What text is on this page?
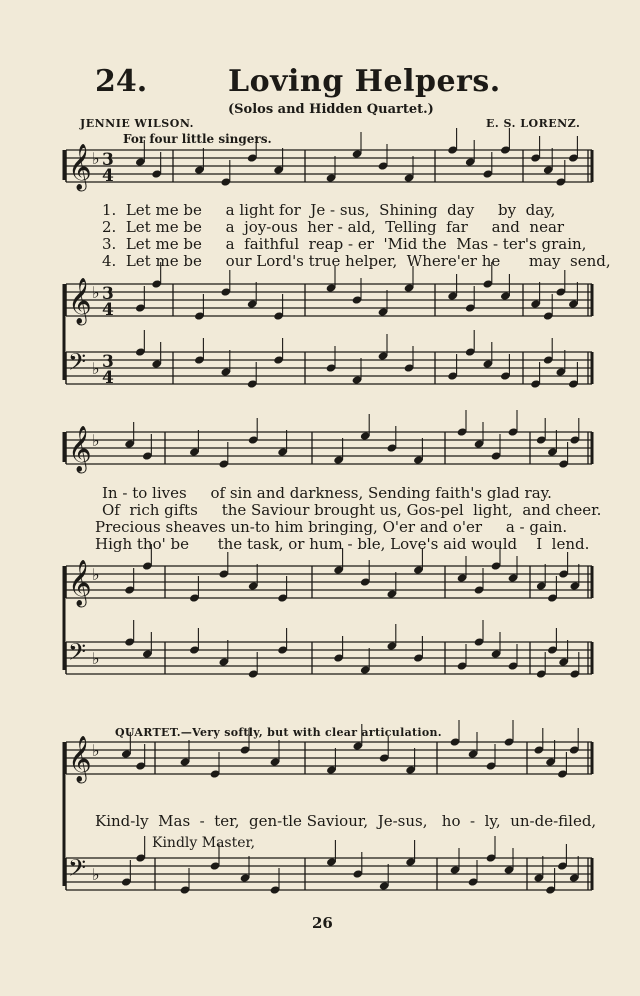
𝄞 ♭ 3
4
𝄞 ♭ 3
4
𝄢 ♭ 3
4
𝄞 ♭
𝄞 ♭
𝄢 ♭
𝄞 ♭
𝄢 ♭
24.	Loving Helpers.
(Solos and Hidden Quartet.)
JENNIE WILSON.	E. S. LORENZ.
For four little singers.
1.  Let me be     a light for  Je - sus,  Shining  day     by  day,
2.  Let me be     a  joy-ous  her - ald,  Telling  far     and  near
3.  Let me be     a  faithful  reap - er  'Mid the  Mas - ter's grain,
4.  Let me be     our Lord's true helper,  Where'er he      may  send,
In - to lives     of sin and darkness, Sending faith's glad ray.
Of  rich gifts     the Saviour brought us, Gos-pel  light,  and cheer.
Precious sheaves un-to him bringing, O'er and o'er     a - gain.
High tho' be      the task, or hum - ble, Love's aid would    I  lend.
QUARTET.—Very softly, but with clear articulation.
Kind-ly  Mas  -  ter,  gen-tle Saviour,  Je-sus,   ho  -  ly,  un-de-filed,
Kindly Master,
26
